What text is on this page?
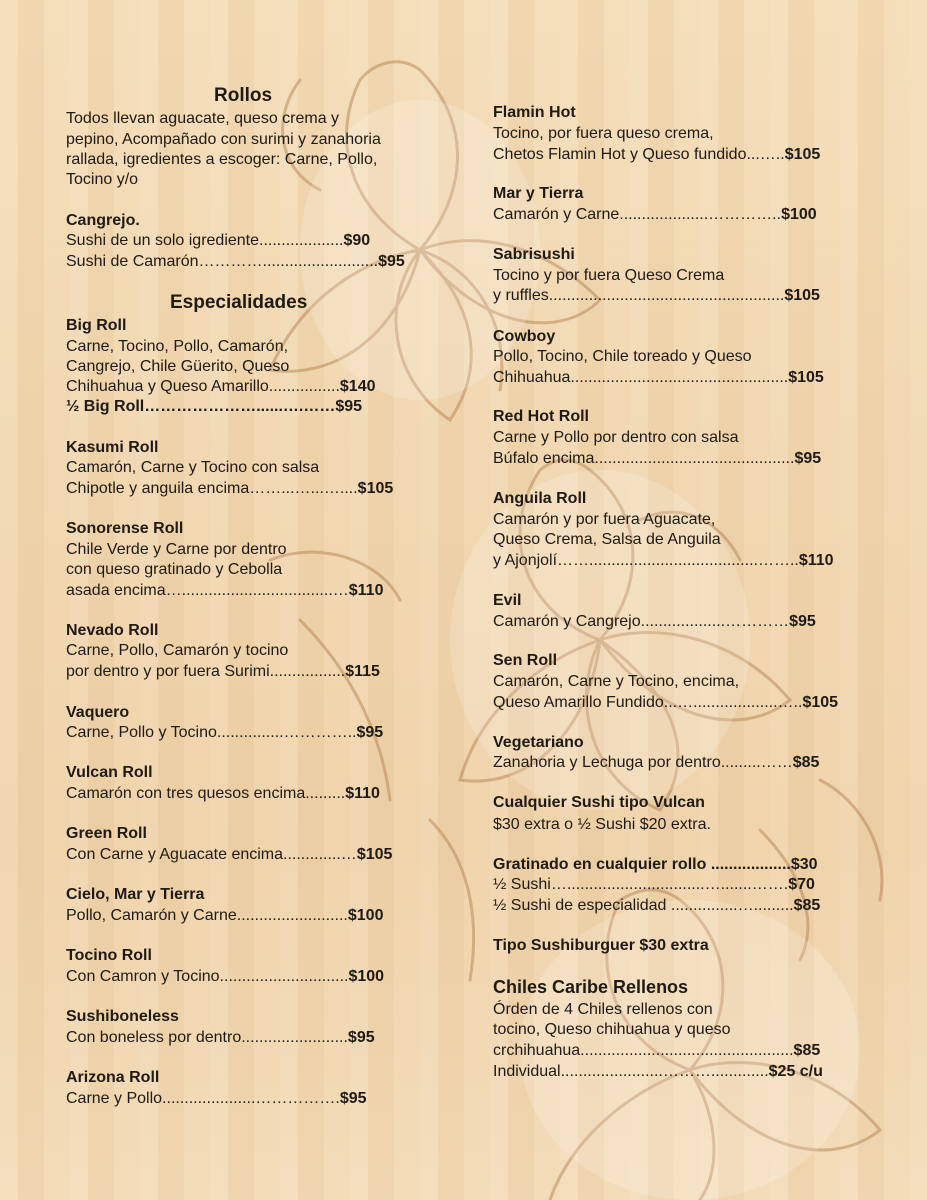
Rollos
Todos llevan aguacate, queso crema y
pepino, Acompañado con surimi y zanahoria
rallada, igredientes a escoger: Carne, Pollo,
Tocino y/o
Cangrejo.
Sushi de un solo igrediente...................$90
Sushi de Camarón…………..........................$95
Especialidades
Big Roll
Carne, Tocino, Pollo, Camarón,
Cangrejo, Chile Güerito, Queso
Chihuahua y Queso Amarillo................$140
½ Big Roll…………………......….……$95
Kasumi Roll
Camarón, Carne y Tocino con salsa
Chipotle y anguila encima……...…...…....$105
Sonorense Roll
Chile Verde y Carne por dentro
con queso gratinado y Cebolla
asada encima…..................................…$110
Nevado Roll
Carne, Pollo, Camarón y tocino
por dentro y por fuera Surimi.................$115
Vaquero
Carne, Pollo y Tocino...............…………..$95
Vulcan Roll
Camarón con tres quesos encima.........$110
Green Roll
Con Carne y Aguacate encima.............…$105
Cielo, Mar y Tierra
Pollo, Camarón y Carne.........................$100
Tocino Roll
Con Camron y Tocino.............................$100
Sushiboneless
Con boneless por dentro........................$95
Arizona Roll
Carne y Pollo.....................…………….$95
Flamin Hot
Tocino, por fuera queso crema,
Chetos Flamin Hot y Queso fundido...…..$105
Mar y Tierra
Camarón y Carne....................…………..$100
Sabrisushi
Tocino y por fuera Queso Crema
y ruffles.....................................................$105
Cowboy
Pollo, Tocino, Chile toreado y Queso
Chihuahua.................................................$105
Red Hot Roll
Carne y Pollo por dentro con salsa
Búfalo encima.............................................$95
Anguila Roll
Camarón y por fuera Aguacate,
Queso Crema, Salsa de Anguila
y Ajonjolí……......................................……..$110
Evil
Camarón y Cangrejo...................…………$95
Sen Roll
Camarón, Carne y Tocino, encima,
Queso Amarillo Fundido...…...................…..$105
Vegetariano
Zanahoria y Lechuga por dentro.........……$85
Cualquier Sushi tipo Vulcan
$30 extra o ½ Sushi $20 extra.
Gratinado en cualquier rollo ..................$30
½ Sushi…...............................….......…….$70
½ Sushi de especialidad ...............….........$85
Tipo Sushiburguer $30 extra
Chiles Caribe Rellenos
Órden de 4 Chiles rellenos con
tocino, Queso chihuahua y queso
crchihuahua................................................$85
Individual.......................……….............$25 c/u
